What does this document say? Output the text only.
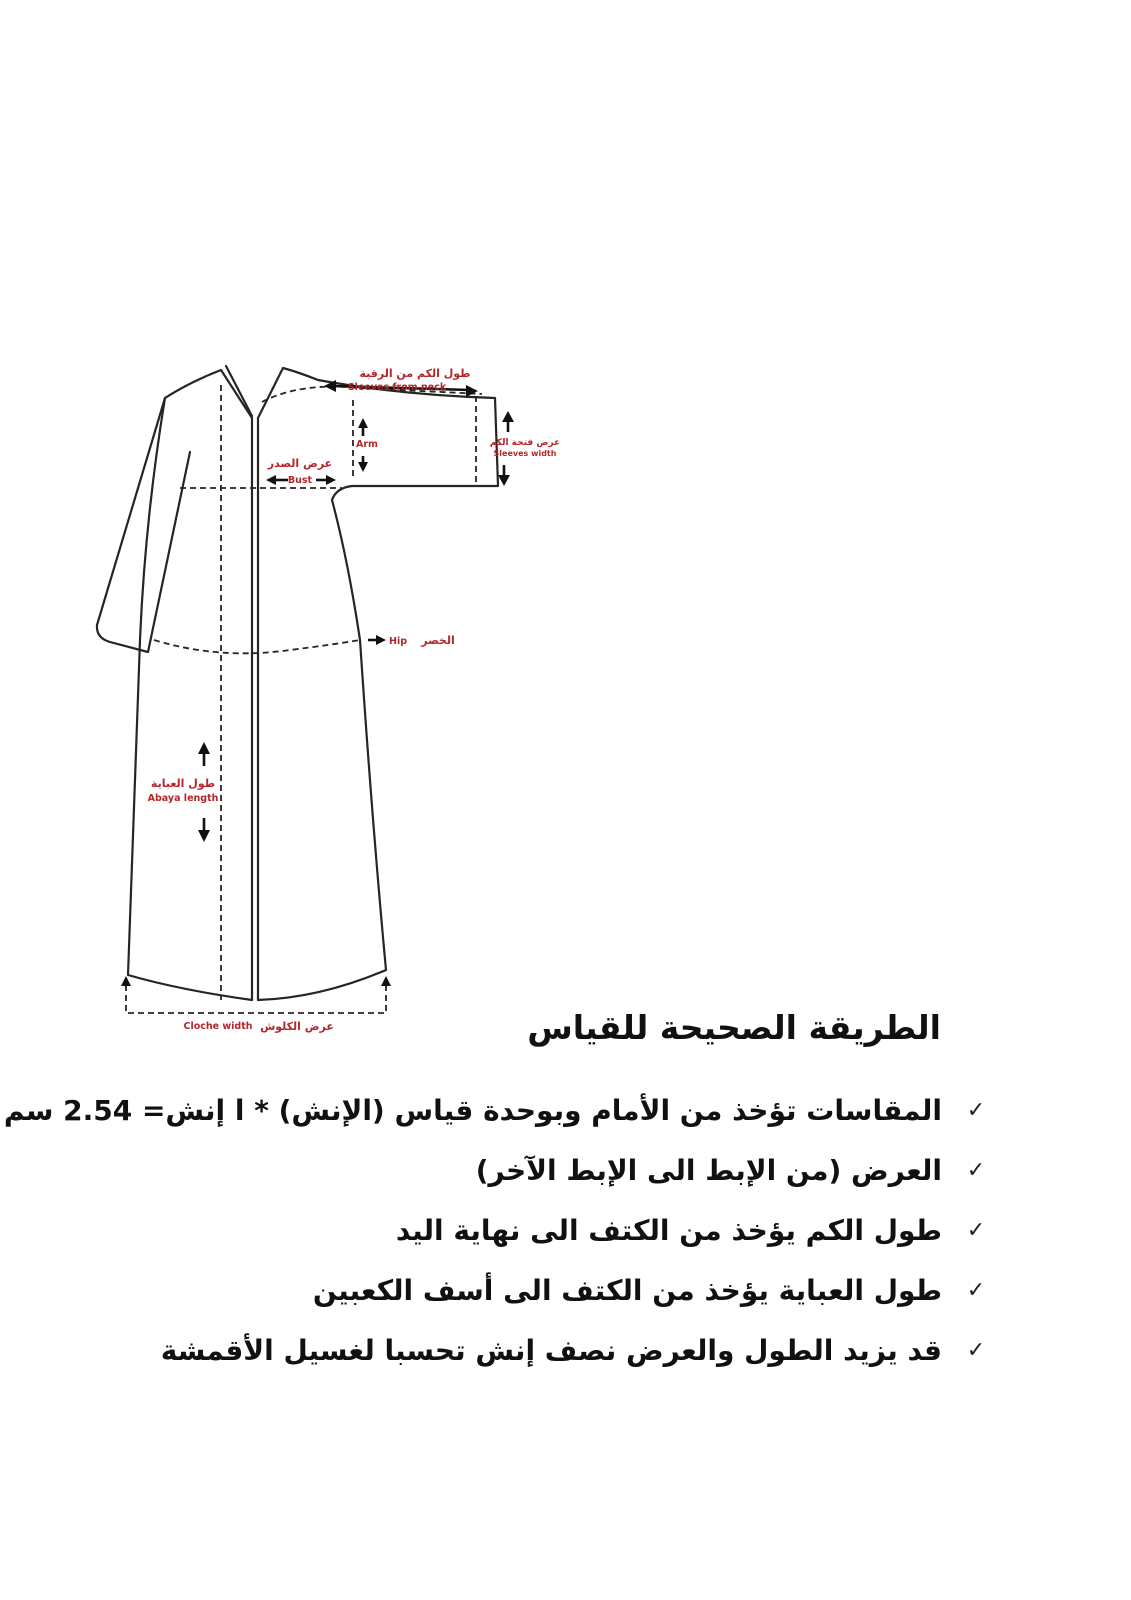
طول الكم من الرقبة
Sleeves from neck
Arm	عرض فتحة الكم
Sleeves width
عرض الصدر
Bust
Hip الخصر
طول العباية
Abaya length
Cloche width عرض الكلوش	الطريقة الصحيحة للقياس
✓
المقاسات تؤخذ من الأمام وبوحدة قياس (الإنش) * ا إنش= 2.54 سم
✓
العرض (من الإبط الى الإبط الآخر)
✓
طول الكم يؤخذ من الكتف الى نهاية اليد
✓
طول العباية يؤخذ من الكتف الى أسف الكعبين
✓
قد يزيد الطول والعرض نصف إنش تحسبا لغسيل الأقمشة
